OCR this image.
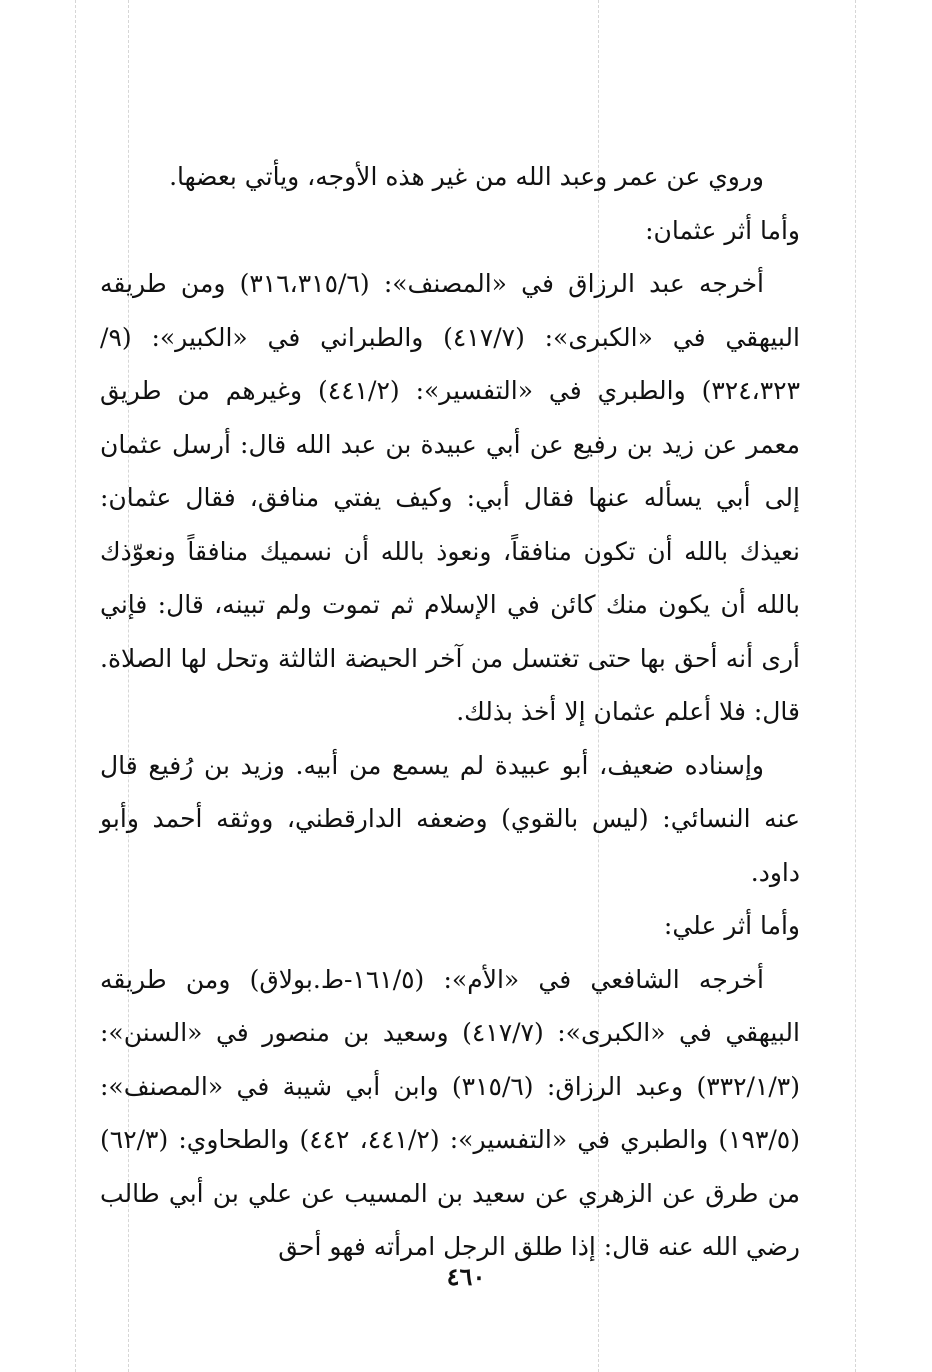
وروي عن عمر وعبد الله من غير هذه الأوجه، ويأتي بعضها.

وأما أثر عثمان:

أخرجه عبد الرزاق في «المصنف»: (٣١٦،٣١٥/٦) ومن طريقه البيهقي في «الكبرى»: (٤١٧/٧) والطبراني في «الكبير»: (٩/ ٣٢٤،٣٢٣) والطبري في «التفسير»: (٤٤١/٢) وغيرهم من طريق معمر عن زيد بن رفيع عن أبي عبيدة بن عبد الله قال: أرسل عثمان إلى أبي يسأله عنها فقال أبي: وكيف يفتي منافق، فقال عثمان: نعيذك بالله أن تكون منافقاً، ونعوذ بالله أن نسميك منافقاً ونعوّذك بالله أن يكون منك كائن في الإسلام ثم تموت ولم تبينه، قال: فإني أرى أنه أحق بها حتى تغتسل من آخر الحيضة الثالثة وتحل لها الصلاة. قال: فلا أعلم عثمان إلا أخذ بذلك.

وإسناده ضعيف، أبو عبيدة لم يسمع من أبيه. وزيد بن رُفيع قال عنه النسائي: (ليس بالقوي) وضعفه الدارقطني، ووثقه أحمد وأبو داود.

وأما أثر علي:

أخرجه الشافعي في «الأم»: (١٦١/٥-ط.بولاق) ومن طريقه البيهقي في «الكبرى»: (٤١٧/٧) وسعيد بن منصور في «السنن»: (٣٣٢/١/٣) وعبد الرزاق: (٣١٥/٦) وابن أبي شيبة في «المصنف»: (١٩٣/٥) والطبري في «التفسير»: (٤٤١/٢، ٤٤٢) والطحاوي: (٦٢/٣) من طرق عن الزهري عن سعيد بن المسيب عن علي بن أبي طالب رضي الله عنه قال: إذا طلق الرجل امرأته فهو أحق

٤٦٠
